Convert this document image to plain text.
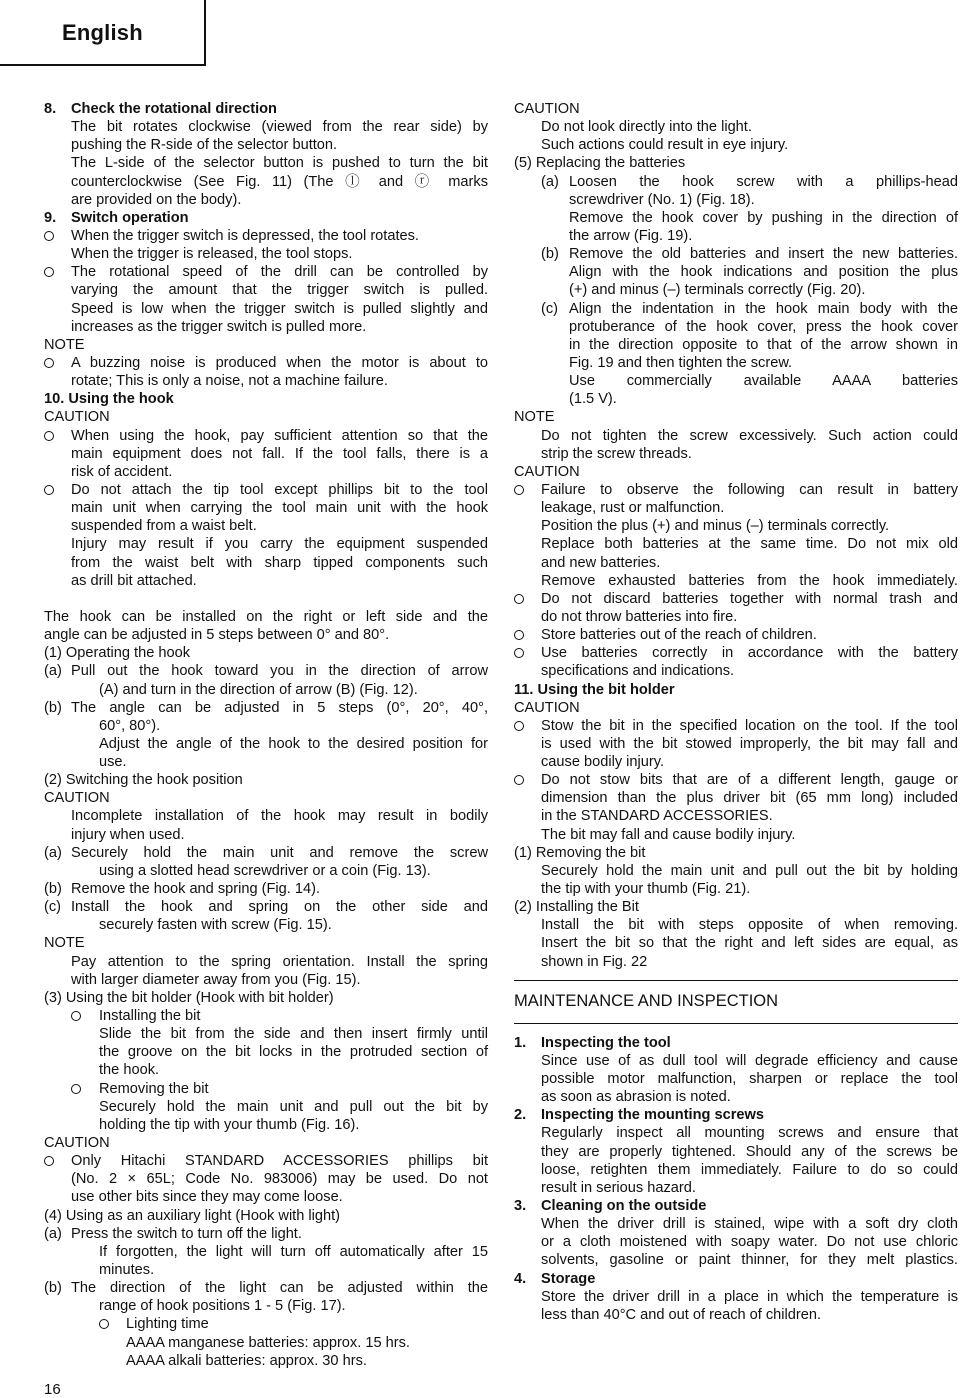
English
8. Check the rotational direction
The bit rotates clockwise (viewed from the rear side) by
pushing the R-side of the selector button.
The L-side of the selector button is pushed to turn the bit
counterclockwise (See Fig. 11) (The ⓛ and ⓡ marks
are provided on the body).
9. Switch operation
When the trigger switch is depressed, the tool rotates.
When the trigger is released, the tool stops.
The rotational speed of the drill can be controlled by
varying the amount that the trigger switch is pulled.
Speed is low when the trigger switch is pulled slightly and
increases as the trigger switch is pulled more.
NOTE
A buzzing noise is produced when the motor is about to
rotate; This is only a noise, not a machine failure.
10. Using the hook
CAUTION
When using the hook, pay sufficient attention so that the
main equipment does not fall. If the tool falls, there is a
risk of accident.
Do not attach the tip tool except phillips bit to the tool
main unit when carrying the tool main unit with the hook
suspended from a waist belt.
Injury may result if you carry the equipment suspended
from the waist belt with sharp tipped components such
as drill bit attached.
The hook can be installed on the right or left side and the
angle can be adjusted in 5 steps between 0° and 80°.
(1) Operating the hook
(a) Pull out the hook toward you in the direction of arrow
(A) and turn in the direction of arrow (B) (Fig. 12).
(b) The angle can be adjusted in 5 steps (0°, 20°, 40°,
60°, 80°).
Adjust the angle of the hook to the desired position for
use.
(2) Switching the hook position
CAUTION
Incomplete installation of the hook may result in bodily
injury when used.
(a) Securely hold the main unit and remove the screw
using a slotted head screwdriver or a coin (Fig. 13).
(b) Remove the hook and spring (Fig. 14).
(c) Install the hook and spring on the other side and
securely fasten with screw (Fig. 15).
NOTE
Pay attention to the spring orientation. Install the spring
with larger diameter away from you (Fig. 15).
(3) Using the bit holder (Hook with bit holder)
Installing the bit
Slide the bit from the side and then insert firmly until
the groove on the bit locks in the protruded section of
the hook.
Removing the bit
Securely hold the main unit and pull out the bit by
holding the tip with your thumb (Fig. 16).
CAUTION
Only Hitachi STANDARD ACCESSORIES phillips bit
(No. 2 × 65L; Code No. 983006) may be used. Do not
use other bits since they may come loose.
(4) Using as an auxiliary light (Hook with light)
(a) Press the switch to turn off the light.
If forgotten, the light will turn off automatically after 15
minutes.
(b) The direction of the light can be adjusted within the
range of hook positions 1 - 5 (Fig. 17).
Lighting time
AAAA manganese batteries: approx. 15 hrs.
AAAA alkali batteries: approx. 30 hrs.
CAUTION
Do not look directly into the light.
Such actions could result in eye injury.
(5) Replacing the batteries
(a) Loosen the hook screw with a phillips-head
screwdriver (No. 1) (Fig. 18).
Remove the hook cover by pushing in the direction of
the arrow (Fig. 19).
(b) Remove the old batteries and insert the new batteries.
Align with the hook indications and position the plus
(+) and minus (–) terminals correctly (Fig. 20).
(c) Align the indentation in the hook main body with the
protuberance of the hook cover, press the hook cover
in the direction opposite to that of the arrow shown in
Fig. 19 and then tighten the screw.
Use commercially available AAAA batteries
(1.5 V).
NOTE
Do not tighten the screw excessively. Such action could
strip the screw threads.
CAUTION
Failure to observe the following can result in battery
leakage, rust or malfunction.
Position the plus (+) and minus (–) terminals correctly.
Replace both batteries at the same time. Do not mix old
and new batteries.
Remove exhausted batteries from the hook immediately.
Do not discard batteries together with normal trash and
do not throw batteries into fire.
Store batteries out of the reach of children.
Use batteries correctly in accordance with the battery
specifications and indications.
11. Using the bit holder
CAUTION
Stow the bit in the specified location on the tool. If the tool
is used with the bit stowed improperly, the bit may fall and
cause bodily injury.
Do not stow bits that are of a different length, gauge or
dimension than the plus driver bit (65 mm long) included
in the STANDARD ACCESSORIES.
The bit may fall and cause bodily injury.
(1) Removing the bit
Securely hold the main unit and pull out the bit by holding
the tip with your thumb (Fig. 21).
(2) Installing the Bit
Install the bit with steps opposite of when removing.
Insert the bit so that the right and left sides are equal, as
shown in Fig. 22
MAINTENANCE AND INSPECTION
1. Inspecting the tool
Since use of as dull tool will degrade efficiency and cause
possible motor malfunction, sharpen or replace the tool
as soon as abrasion is noted.
2. Inspecting the mounting screws
Regularly inspect all mounting screws and ensure that
they are properly tightened. Should any of the screws be
loose, retighten them immediately. Failure to do so could
result in serious hazard.
3. Cleaning on the outside
When the driver drill is stained, wipe with a soft dry cloth
or a cloth moistened with soapy water. Do not use chloric
solvents, gasoline or paint thinner, for they melt plastics.
4. Storage
Store the driver drill in a place in which the temperature is
less than 40°C and out of reach of children.
16
